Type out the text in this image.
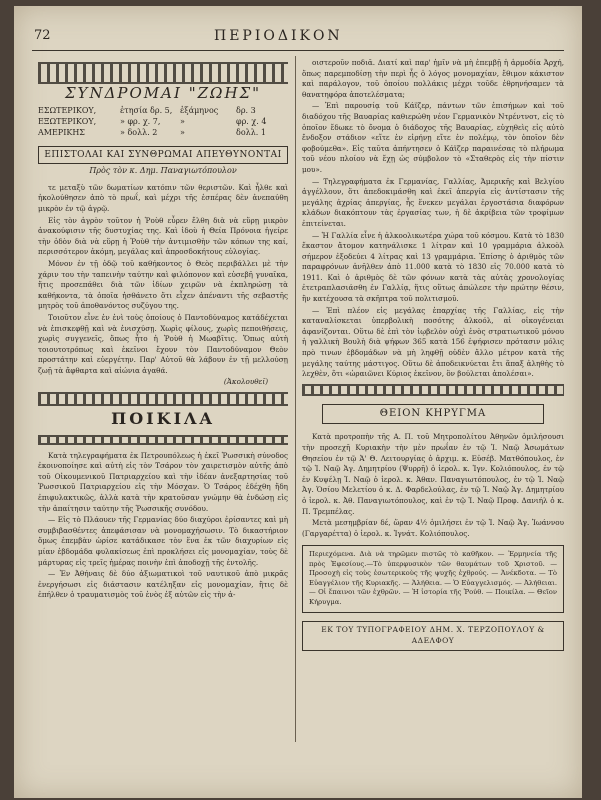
72	ΠΕΡΙΟΔΙΚΟΝ
ΣΥΝΔΡΟΜΑΙ "ΖΩΗΣ"
ΕΣΩΤΕΡΙΚΟΥ,	ἐτησία δρ. 5, ἐξάμηνος	δρ. 3
ΕΞΩΤΕΡΙΚΟΥ,	» φρ. χ. 7,	»	φρ. χ. 4
ΑΜΕΡΙΚΗΣ	» δολλ. 2	»	δολλ. 1
ΕΠΙΣΤΟΛΑΙ ΚΑΙ ΣΥΝΘΡΩΜΑΙ ΑΠΕΥΘΥΝΟΝΤΑΙ
Πρὸς τὸν κ. Δημ. Παναγιωτόπουλον

τε μεταξὺ τῶν δωματίων κατόπιν τῶν θεριστῶν. Καὶ ἦλθε καὶ ἠκολούθησεν ἀπὸ τὸ πρωΐ, καὶ μέχρι τῆς ἑσπέρας δὲν ἀνεπαύθη μικρὸν ἐν τῷ ἀγρῷ.

Εἰς τὸν ἀγρὸν τοῦτον ἡ Ῥοὺθ εὗρεν ἔλθη διὰ νὰ εὕρῃ μικρὸν ἀνακούφισιν τῆς δυστυχίας της. Καὶ ἰδοὺ ἡ Θεία Πρόνοια ἠγείρε τὴν ὁδὸν διὰ νὰ εὕρῃ ἡ Ῥοὺθ τὴν ἀντιμισθὴν τῶν κόπων της καί, περισσότερον ἀκόμη, μεγάλας καὶ ἀπροσδοκήτους εὐλογίας.

Μόνον ἐν τῇ ὁδῷ τοῦ καθήκοντος ὁ Θεὸς περιβάλλει μὲ τὴν χάριν του τὴν ταπεινὴν ταύτην καὶ φιλόπονον καὶ εὐσεβῆ γυναῖκα, ἥτις προσεπάθει διὰ τῶν ἰδίων χειρῶν νὰ ἐκπληρώσῃ τὰ καθήκοντα, τὰ ὁποῖα ἠσθάνετο ὅτι εἶχεν ἀπέναντι τῆς σεβαστῆς μητρὸς τοῦ ἀποθανόντος συζύγου της.

Τοιοῦτον εἶνε ἐν ἐνὶ τοὺς ὁποίους ὁ Παντοδύναμος κατάδέχεται νὰ ἐπισκεφθῇ καὶ νὰ ἐνισχύσῃ. Χωρὶς φίλους, χωρὶς πεποιθήσεις, χωρὶς συγγενεῖς, ὅπως ἦτο ἡ Ῥοὺθ ἡ Μωαβῖτις. Ὅπως αὐτὴ τοιουτοτρόπως καὶ ἐκεῖνοι ἔχουν τὸν Παντοδύναμον Θεὸν προστάτην καὶ εὐεργέτην. Παρ' Αὐτοῦ θὰ λάβουν ἐν τῇ μελλούσῃ ζωῇ τὰ ἄφθαρτα καὶ αἰώνια ἀγαθά.

(Ἀκολουθεῖ)
ΠΟΙΚΙΛΑ

Κατὰ τηλεγραφήματα ἐκ Πετρουπόλεως ἡ ἐκεῖ Ῥωσσικὴ σύνοδος ἐκοινοποίησε καὶ αὐτὴ εἰς τὸν Τσάρον τὸν χαιρετισμὸν αὐτῆς ἀπὸ τοῦ Οἰκουμενικοῦ Πατριαρχείου καὶ τὴν ἰδέαν ἀνεξαρτησίας τοῦ Ῥωσσικοῦ Πατριαρχείου εἰς τὴν Μόσχαν. Ὁ Τσάρος ἐδέχθη ἤδη ἐπιφυλακτικῶς, ἀλλὰ κατὰ τὴν κρατοῦσαν γνώμην θὰ ἐνδώσῃ εἰς τὴν ἀπαίτησιν ταύτην τῆς Ῥωσσικῆς συνόδου.

— Εἰς τὸ Πλάουεν τῆς Γερμανίας δύο διαχύροι ἐρίσαντες καὶ μὴ συμβιβασθέντες ἀπεφάσισαν νὰ μονομαχήσωσιν. Τὸ δικαστήριον ὅμως ἐπεμβὰν ὡρίσε κατάδικασε τὸν ἕνα ἐκ τῶν διαχυρίων εἰς μίαν ἑβδομάδα φυλακίσεως ἐπὶ προκλήσει εἰς μονομαχίαν, τοὺς δὲ μάρτυρας εἰς τρεῖς ἡμέρας ποινὴν ἐπὶ ἀποδοχῇ τῆς ἐντολῆς.

— Ἐν Ἀθήναις δὲ δύο ἀξιωματικοὶ τοῦ ναυτικοῦ ἀπὸ μικρᾶς ἐνεργήσωσι εἰς διάστασιν κατέληξαν εἰς μονομαχίαν, ἣτις δὲ ἐπήλθεν ὁ τραυματισμὸς τοῦ ἑνὸς ἐξ αὐτῶν εἰς τὴν ἀ-

οιστεροῦν ποδιᾶ. Διατί καὶ παρ' ἡμῖν νὰ μὴ ἐπεμβῇ ἡ ἁρμοδία Ἀρχή, ὅπως παρεμποδίσῃ τὴν περὶ ἧς ὁ λόγος μονομαχίαν, ἔθιμον κάκιστον καὶ παράλογον, τοῦ ὁποίου πολλάκις μέχρι τοῦδε ἐθρηνήσαμεν τὰ θανατηφόρα ἀποτελέσματα;

— Ἐπὶ παρουσίᾳ τοῦ Κάϊζερ, πάντων τῶν ἐπισήμων καὶ τοῦ διαδόχου τῆς Βαυαρίας καθιερώθη νέον Γερμανικὸν Ντρέντνοτ, εἰς τὸ ὁποῖον ἔδωκε τὸ ὄνομα ὁ διάδοχος τῆς Βαυαρίας, εὐχηθεὶς εἰς αὐτὸ ἔνδοξον στάδιον «εἴτε ἐν εἰρήνῃ εἴτε ἐν πολέμῳ, τὸν ὁποῖον δὲν φοβούμεθα». Εἰς ταῦτα ἀπήντησεν ὁ Κάϊζερ παραινέσας τὸ πλήρωμα τοῦ νέου πλοίου νὰ ἔχῃ ὡς σύμβολον τὸ «Σταθερὸς εἰς τὴν πίστιν μου».

— Τηλεγραφήματα ἐκ Γερμανίας, Γαλλίας, Ἀμερικῆς καὶ Βελγίου ἀγγέλλουν, ὅτι ἀπεδοκιμάσθη καὶ ἐκεῖ ἀπεργία εἰς ἀντίστασιν τῆς μεγάλης ἀχρίας ἀπεργίας, ἧς ἕνεκεν μεγάλαι ἐργοστάσια διαφόρων κλάδων διακόπτουν τὰς ἐργασίας των, ἡ δὲ ἀκρίβεια τῶν τροφίμων ἐπιτείνεται.

— Ἡ Γαλλία εἶνε ἡ ἀλκοολικωτέρα χώρα τοῦ κόσμου. Κατὰ τὸ 1830 ἕκαστον ἄτομον κατηνάλισκε 1 λίτραν καὶ 10 γραμμάρια ἀλκοὸλ σήμερον ἐξοδεύει 4 λίτρας καὶ 13 γραμμάρια. Ἐπίσης ὁ ἀριθμὸς τῶν παραφρόνων ἀνῆλθεν ἀπὸ 11.000 κατὰ τὸ 1830 εἰς 70.000 κατὰ τὸ 1911. Καὶ ὁ ἀριθμὸς δὲ τῶν φόνων κατὰ τὰς αὐτὰς χρονολογίας ἐτετραπλασιάσθη ἐν Γαλλίᾳ, ἥτις οὕτως ἀπώλεσε τὴν πρώτην θέσιν, ἣν κατέχουσα τὰ σκῆπτρα τοῦ πολιτισμοῦ.

— Ἐπὶ πλέον εἰς μεγάλας ἐπαρχίας τῆς Γαλλίας, εἰς τὴν καταναλίσκεται ὑπερβολικὴ ποσότης ἀλκοόλ, αἱ οἰκογένειαι ἀφανίζονται. Οὕτω δὲ ἐπὶ τὸν ἰῳβελὸν οὐχὶ ἑνὸς στρατιωτικοῦ μόνου ἡ γαλλικὴ Βουλὴ διὰ ψήφων 365 κατὰ 156 ἐψήφισεν πρότασιν μόλις πρὸ τινων ἑβδομάδων νὰ μὴ ληφθῇ οὐδὲν ἄλλο μέτρον κατὰ τῆς μεγάλης ταύτης μάστιγος. Οὕτω δὲ ἀποδεικνύεται ἔτι ἅπαξ ἀληθὴς τὸ λεχθὲν, ὅτι «ὡραιῶνει Κύριος ἐκεῖνον, ὃν βούλεται ἀπολέσαι».

ΘΕΙΟΝ ΚΗΡΥΓΜΑ

Κατὰ προτροπὴν τῆς Α. Π. τοῦ Μητροπολίτου Ἀθηνῶν ὁμιλήσουσι τὴν προσεχῆ Κυριακὴν τὴν μὲν πρωΐαν ἐν τῷ Ἱ. Ναῷ Ἀσωμάτων Θησείου ἐν τῷ Ἀ' Θ. Λειτουργίας ὁ ἀρχιμ. κ. Εὐσέβ. Ματθόπουλος, ἐν τῷ Ἱ. Ναῷ Ἁγ. Δημητρίου (Ψυρρῆ) ὁ ἱερολ. κ. Ἰγν. Κολιόπουλος, ἐν τῷ ἐν Κυψέλῃ Ἱ. Ναῷ ὁ ἱερολ. κ. Ἀθαν. Παναγιωτόπουλος, ἐν τῷ Ἱ. Ναῷ Ἁγ. Ὁσίου Μελετίου ὁ κ. Δ. Φαρδελούλας, ἐν τῷ Ἱ. Ναῷ Ἁγ. Δημητρίου ὁ ἱερολ. κ. Ἀθ. Παναγιωτόπουλος, καὶ ἐν τῷ Ἱ. Ναῷ Προφ. Δανιήλ ὁ κ. Π. Τρεμπέλας.

Μετὰ μεσημβρίαν δέ, ὥραν 4½ ὁμιλήσει ἐν τῷ Ἱ. Ναῷ Ἁγ. Ἰωάννου (Γαργαρέττα) ὁ ἱερολ. κ. Ἰγνάτ. Κολιόπουλος.

Περιεχόμενα. Διὰ νὰ τηρῶμεν πιστῶς τὸ καθῆκον. — Ἑρμηνεία τῆς πρὸς Ἐφεσίους.—Τὸ ὑπερφυσικὸν τῶν θαυμάτων τοῦ Χριστοῦ. — Προσοχὴ εἰς τοὺς ἐσωτερικοὺς τῆς ψυχῆς ἐχθρούς. — Ἀνέκδοτα. — Τὸ Εὐαγγέλιον τῆς Κυριακῆς. — Ἀλήθεια. — Ὁ Εὐαγγελισμός. — Ἀλήθειαι. — Οἱ ἔπαινοι τῶν ἐχθρῶν. — Ἡ ἱστορία τῆς Ῥούθ. — Ποικίλα. — Θεῖον Κήρυγμα.

ΕΚ ΤΟΥ ΤΥΠΟΓΡΑΦΕΙΟΥ ΔΗΜ. Χ. ΤΕΡΖΟΠΟΥΛΟΥ & ΑΔΕΛΦΟΥ
